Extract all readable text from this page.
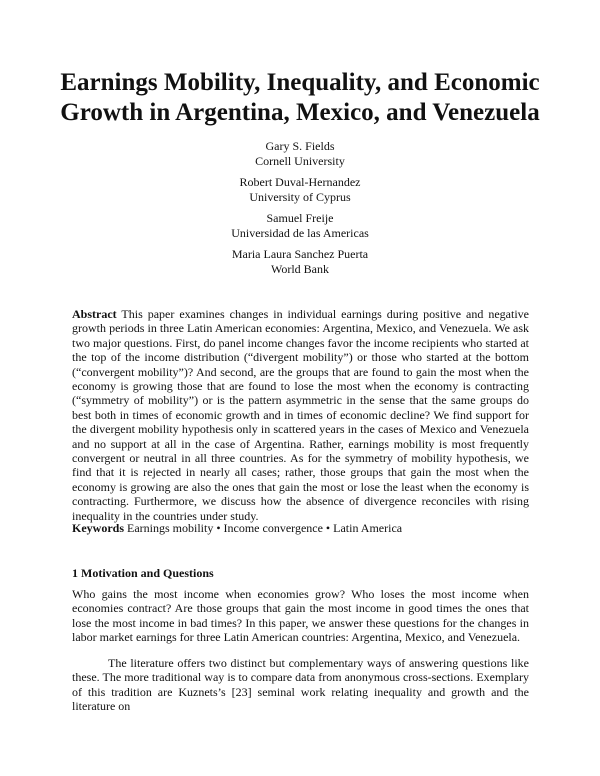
Earnings Mobility, Inequality, and Economic
Growth in Argentina, Mexico, and Venezuela
Gary S. Fields
Cornell University
Robert Duval-Hernandez
University of Cyprus
Samuel Freije
Universidad de las Americas
Maria Laura Sanchez Puerta
World Bank

Abstract This paper examines changes in individual earnings during positive and negative growth periods in three Latin American economies: Argentina, Mexico, and Venezuela. We ask two major questions. First, do panel income changes favor the income recipients who started at the top of the income distribution (“divergent mobility”) or those who started at the bottom (“convergent mobility”)? And second, are the groups that are found to gain the most when the economy is growing those that are found to lose the most when the economy is contracting (“symmetry of mobility”) or is the pattern asymmetric in the sense that the same groups do best both in times of economic growth and in times of economic decline? We find support for the divergent mobility hypothesis only in scattered years in the cases of Mexico and Venezuela and no support at all in the case of Argentina. Rather, earnings mobility is most frequently convergent or neutral in all three countries. As for the symmetry of mobility hypothesis, we find that it is rejected in nearly all cases; rather, those groups that gain the most when the economy is growing are also the ones that gain the most or lose the least when the economy is contracting. Furthermore, we discuss how the absence of divergence reconciles with rising inequality in the countries under study.

Keywords Earnings mobility • Income convergence • Latin America

1 Motivation and Questions

Who gains the most income when economies grow? Who loses the most income when economies contract? Are those groups that gain the most income in good times the ones that lose the most income in bad times? In this paper, we answer these questions for the changes in labor market earnings for three Latin American countries: Argentina, Mexico, and Venezuela.

The literature offers two distinct but complementary ways of answering questions like these. The more traditional way is to compare data from anonymous cross-sections. Exemplary of this tradition are Kuznets’s [23] seminal work relating inequality and growth and the literature on
